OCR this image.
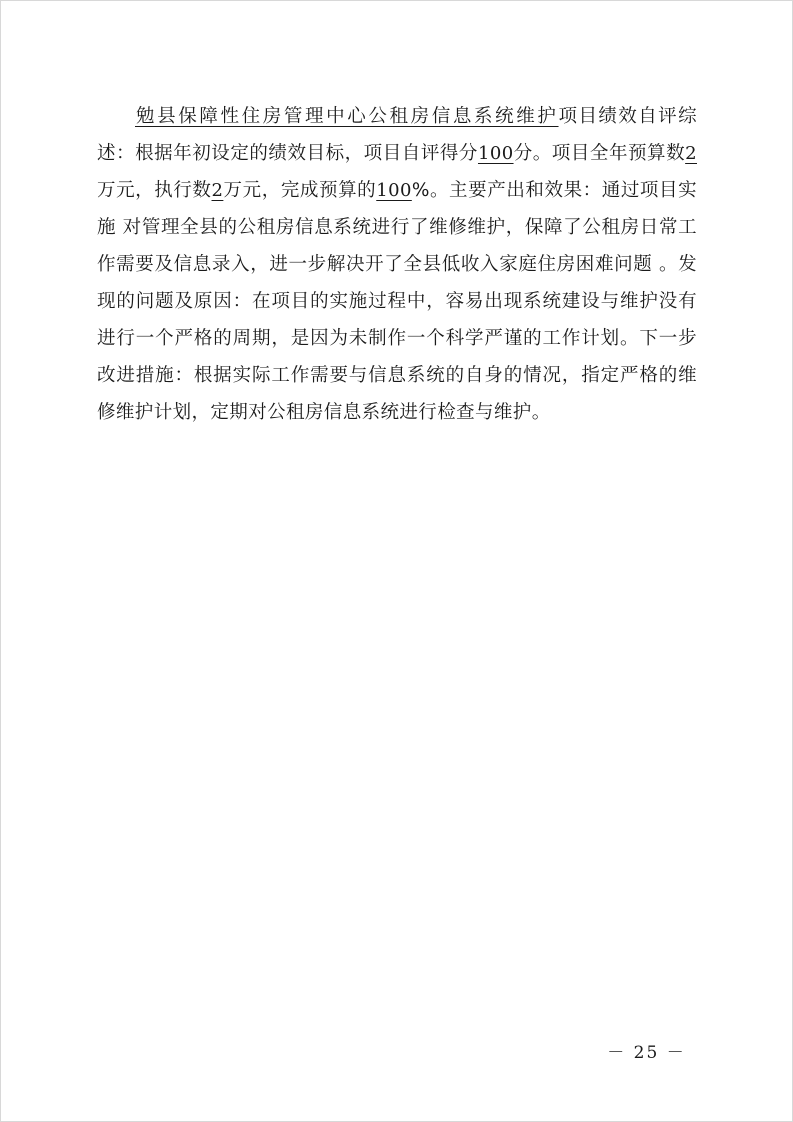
勉县保障性住房管理中心公租房信息系统维护项目绩效自评综述：根据年初设定的绩效目标，项目自评得分100分。项目全年预算数2万元，执行数2万元，完成预算的100%。主要产出和效果：通过项目实施 对管理全县的公租房信息系统进行了维修维护，保障了公租房日常工作需要及信息录入，进一步解决开了全县低收入家庭住房困难问题 。发现的问题及原因：在项目的实施过程中，容易出现系统建设与维护没有进行一个严格的周期，是因为未制作一个科学严谨的工作计划。下一步改进措施：根据实际工作需要与信息系统的自身的情况，指定严格的维修维护计划，定期对公租房信息系统进行检查与维护。

－ 25 －
